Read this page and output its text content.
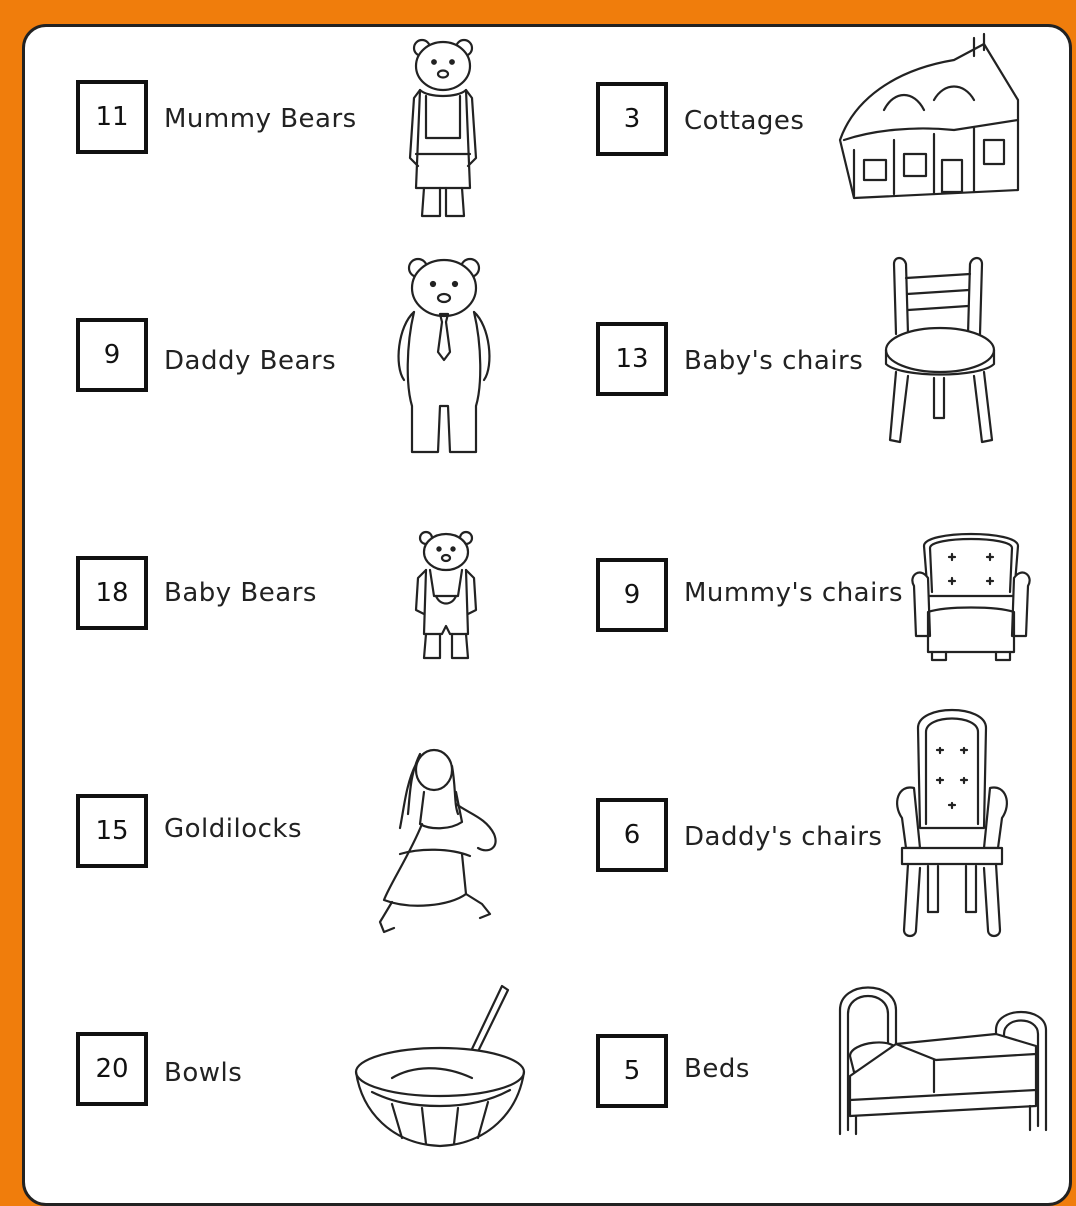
11 Mummy Bears	3 Cottages
9 Daddy Bears	13 Baby's chairs
18 Baby Bears	9 Mummy's chairs
15 Goldilocks	6 Daddy's chairs
20 Bowls	5 Beds
